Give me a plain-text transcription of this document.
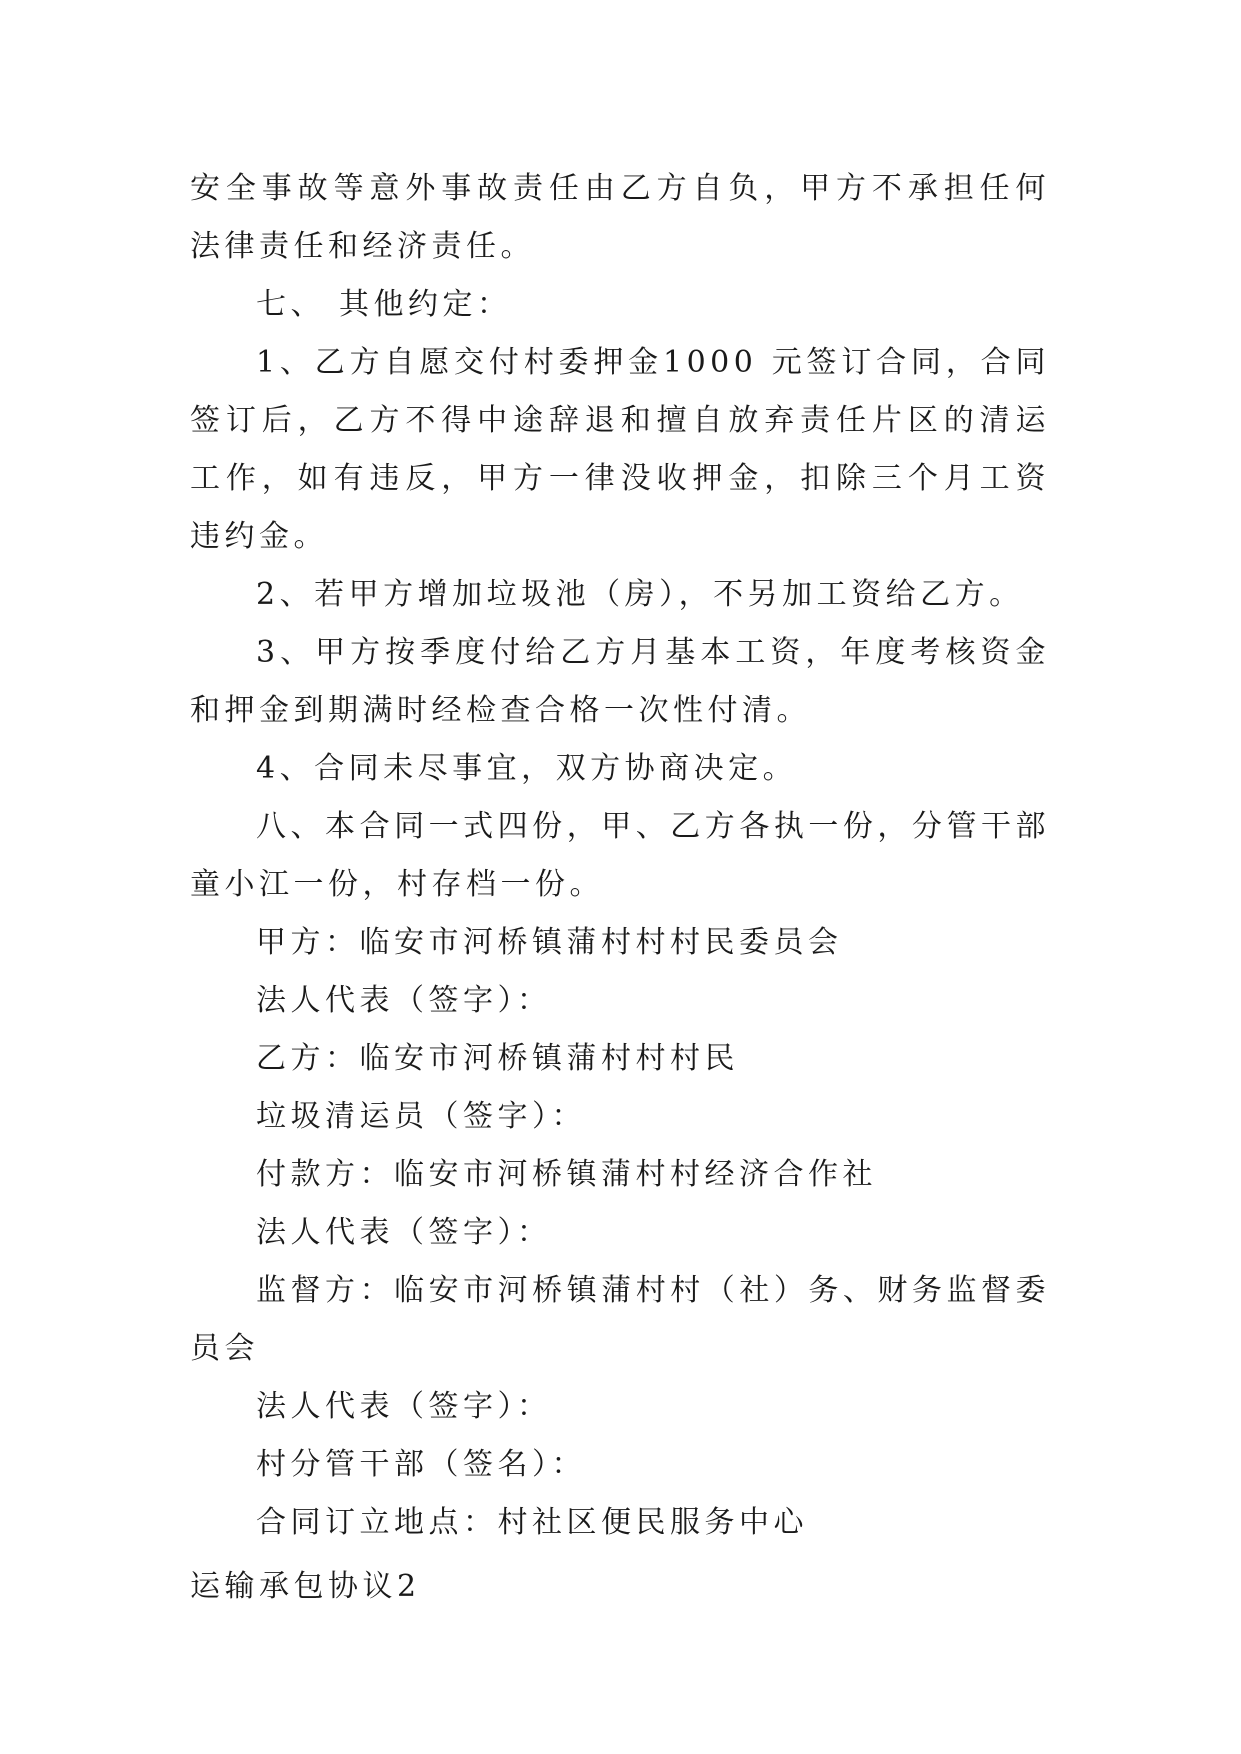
安全事故等意外事故责任由乙方自负，甲方不承担任何法律责任和经济责任。

七、 其他约定：

1、乙方自愿交付村委押金1000 元签订合同，合同签订后，乙方不得中途辞退和擅自放弃责任片区的清运工作，如有违反，甲方一律没收押金，扣除三个月工资违约金。

2、若甲方增加垃圾池（房），不另加工资给乙方。

3、甲方按季度付给乙方月基本工资，年度考核资金和押金到期满时经检查合格一次性付清。

4、合同未尽事宜，双方协商决定。

八、本合同一式四份，甲、乙方各执一份，分管干部童小江一份，村存档一份。

甲方：临安市河桥镇蒲村村村民委员会

法人代表（签字）：

乙方：临安市河桥镇蒲村村村民

垃圾清运员（签字）：

付款方：临安市河桥镇蒲村村经济合作社

法人代表（签字）：

监督方：临安市河桥镇蒲村村（社）务、财务监督委员会

法人代表（签字）：

村分管干部（签名）：

合同订立地点：村社区便民服务中心

运输承包协议2
